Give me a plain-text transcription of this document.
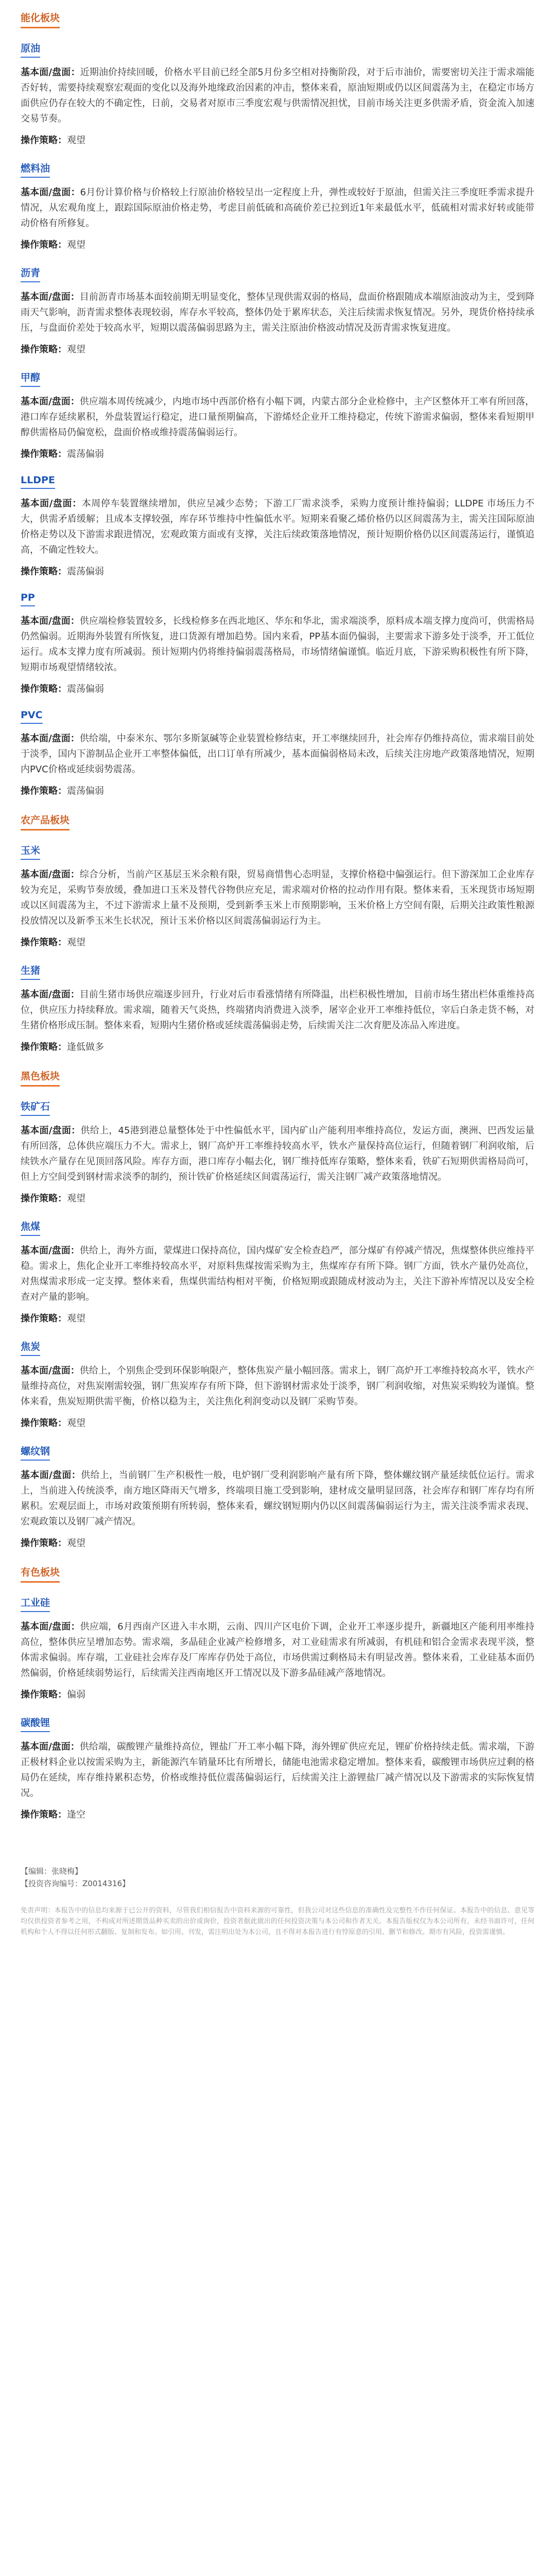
能化板块
原油

基本面/盘面：近期油价持续回暖，价格水平目前已经全部5月份多空相对持衡阶段，对于后市油价，需要密切关注于需求端能否好转，需要持续观察宏观面的变化以及海外地缘政治因素的冲击，整体来看，原油短期或仍以区间震荡为主，在稳定市场方面供应仍存在较大的不确定性，日前，交易者对原市三季度宏观与供需情况担忧，目前市场关注更多供需矛盾，资金流入加速交易节奏。

操作策略：观望

燃料油

基本面/盘面：6月份计算价格与价格较上行原油价格较呈出一定程度上升，弹性或较好于原油，但需关注三季度旺季需求提升情况，从宏观角度上，跟踪国际原油价格走势，考虑目前低硫和高硫价差已拉到近1年来最低水平，低硫相对需求好转或能带动价格有所修复。

操作策略：观望

沥青

基本面/盘面：目前沥青市场基本面较前期无明显变化，整体呈现供需双弱的格局，盘面价格跟随成本端原油波动为主，受到降雨天气影响，沥青需求整体表现较弱，库存水平较高，整体仍处于累库状态，关注后续需求恢复情况。另外，现货价格持续承压，与盘面价差处于较高水平，短期以震荡偏弱思路为主，需关注原油价格波动情况及沥青需求恢复进度。

操作策略：观望

甲醇

基本面/盘面：供应端本周传统减少，内地市场中西部价格有小幅下调，内蒙古部分企业检修中，主产区整体开工率有所回落，港口库存延续累积，外盘装置运行稳定，进口量预期偏高，下游烯烃企业开工维持稳定，传统下游需求偏弱，整体来看短期甲醇供需格局仍偏宽松，盘面价格或维持震荡偏弱运行。

操作策略：震荡偏弱

LLDPE

基本面/盘面：本周停车装置继续增加，供应呈减少态势；下游工厂需求淡季，采购力度预计维持偏弱；LLDPE 市场压力不大，供需矛盾缓解；且成本支撑较强，库存环节维持中性偏低水平。短期来看聚乙烯价格仍以区间震荡为主，需关注国际原油价格走势以及下游需求跟进情况，宏观政策方面或有支撑，关注后续政策落地情况，预计短期价格仍以区间震荡运行，谨慎追高，不确定性较大。

操作策略：震荡偏弱

PP

基本面/盘面：供应端检修装置较多，长线检修多在西北地区、华东和华北，需求端淡季，原料成本端支撑力度尚可，供需格局仍然偏弱。近期海外装置有所恢复，进口货源有增加趋势。国内来看，PP基本面仍偏弱，主要需求下游多处于淡季，开工低位运行。成本支撑力度有所减弱。预计短期内仍将维持偏弱震荡格局，市场情绪偏谨慎。临近月底，下游采购积极性有所下降，短期市场观望情绪较浓。

操作策略：震荡偏弱

PVC

基本面/盘面：供给端，中泰米东、鄂尔多斯氯碱等企业装置检修结束，开工率继续回升，社会库存仍维持高位，需求端目前处于淡季，国内下游制品企业开工率整体偏低，出口订单有所减少，基本面偏弱格局未改，后续关注房地产政策落地情况，短期内PVC价格或延续弱势震荡。

操作策略：震荡偏弱

农产品板块
玉米

基本面/盘面：综合分析，当前产区基层玉米余粮有限，贸易商惜售心态明显，支撑价格稳中偏强运行。但下游深加工企业库存较为充足，采购节奏放缓，叠加进口玉米及替代谷物供应充足，需求端对价格的拉动作用有限。整体来看，玉米现货市场短期或以区间震荡为主，不过下游需求上量不及预期，受到新季玉米上市预期影响，玉米价格上方空间有限，后期关注政策性粮源投放情况以及新季玉米生长状况，预计玉米价格以区间震荡偏弱运行为主。

操作策略：观望

生猪

基本面/盘面：目前生猪市场供应端逐步回升，行业对后市看涨情绪有所降温，出栏积极性增加，目前市场生猪出栏体重维持高位，供应压力持续释放。需求端，随着天气炎热，终端猪肉消费进入淡季，屠宰企业开工率维持低位，宰后白条走货不畅，对生猪价格形成压制。整体来看，短期内生猪价格或延续震荡偏弱走势，后续需关注二次育肥及冻品入库进度。

操作策略：逢低做多

黑色板块
铁矿石

基本面/盘面：供给上，45港到港总量整体处于中性偏低水平，国内矿山产能利用率维持高位，发运方面，澳洲、巴西发运量有所回落，总体供应端压力不大。需求上，钢厂高炉开工率维持较高水平，铁水产量保持高位运行，但随着钢厂利润收缩，后续铁水产量存在见顶回落风险。库存方面，港口库存小幅去化，钢厂维持低库存策略，整体来看，铁矿石短期供需格局尚可，但上方空间受到钢材需求淡季的制约，预计铁矿价格延续区间震荡运行，需关注钢厂减产政策落地情况。

操作策略：观望

焦煤

基本面/盘面：供给上，海外方面，蒙煤进口保持高位，国内煤矿安全检查趋严，部分煤矿有停减产情况，焦煤整体供应维持平稳。需求上，焦化企业开工率维持较高水平，对原料焦煤按需采购为主，焦煤库存有所下降。钢厂方面，铁水产量仍处高位，对焦煤需求形成一定支撑。整体来看，焦煤供需结构相对平衡，价格短期或跟随成材波动为主，关注下游补库情况以及安全检查对产量的影响。

操作策略：观望

焦炭

基本面/盘面：供给上，个别焦企受到环保影响限产，整体焦炭产量小幅回落。需求上，钢厂高炉开工率维持较高水平，铁水产量维持高位，对焦炭刚需较强，钢厂焦炭库存有所下降，但下游钢材需求处于淡季，钢厂利润收缩，对焦炭采购较为谨慎。整体来看，焦炭短期供需平衡，价格以稳为主，关注焦化利润变动以及钢厂采购节奏。

操作策略：观望

螺纹钢

基本面/盘面：供给上，当前钢厂生产积极性一般，电炉钢厂受利润影响产量有所下降，整体螺纹钢产量延续低位运行。需求上，当前进入传统淡季，南方地区降雨天气增多，终端项目施工受到影响，建材成交量明显回落，社会库存和钢厂库存均有所累积。宏观层面上，市场对政策预期有所转弱，整体来看，螺纹钢短期内仍以区间震荡偏弱运行为主，需关注淡季需求表现、宏观政策以及钢厂减产情况。

操作策略：观望

有色板块
工业硅

基本面/盘面：供应端，6月西南产区进入丰水期，云南、四川产区电价下调，企业开工率逐步提升，新疆地区产能利用率维持高位，整体供应呈增加态势。需求端，多晶硅企业减产检修增多，对工业硅需求有所减弱，有机硅和铝合金需求表现平淡，整体需求偏弱。库存端，工业硅社会库存及厂库库存仍处于高位，市场供需过剩格局未有明显改善。整体来看，工业硅基本面仍然偏弱，价格延续弱势运行，后续需关注西南地区开工情况以及下游多晶硅减产落地情况。

操作策略：偏弱

碳酸锂

基本面/盘面：供给端，碳酸锂产量维持高位，锂盐厂开工率小幅下降，海外锂矿供应充足，锂矿价格持续走低。需求端，下游正极材料企业以按需采购为主，新能源汽车销量环比有所增长，储能电池需求稳定增加。整体来看，碳酸锂市场供应过剩的格局仍在延续，库存维持累积态势，价格或维持低位震荡偏弱运行，后续需关注上游锂盐厂减产情况以及下游需求的实际恢复情况。

操作策略：逢空

【编辑：张晓梅】
【投资咨询编号：Z0014316】
免责声明：本报告中的信息均来源于已公开的资料，尽管我们相信报告中资料来源的可靠性，但我公司对这些信息的准确性及完整性不作任何保证。本报告中的信息、意见等均仅供投资者参考之用，不构成对所述期货品种买卖的出价或询价，投资者据此做出的任何投资决策与本公司和作者无关。本报告版权仅为本公司所有，未经书面许可，任何机构和个人不得以任何形式翻版、复制和发布。如引用、刊发，需注明出处为本公司，且不得对本报告进行有悖原意的引用、删节和修改。期市有风险，投资需谨慎。
